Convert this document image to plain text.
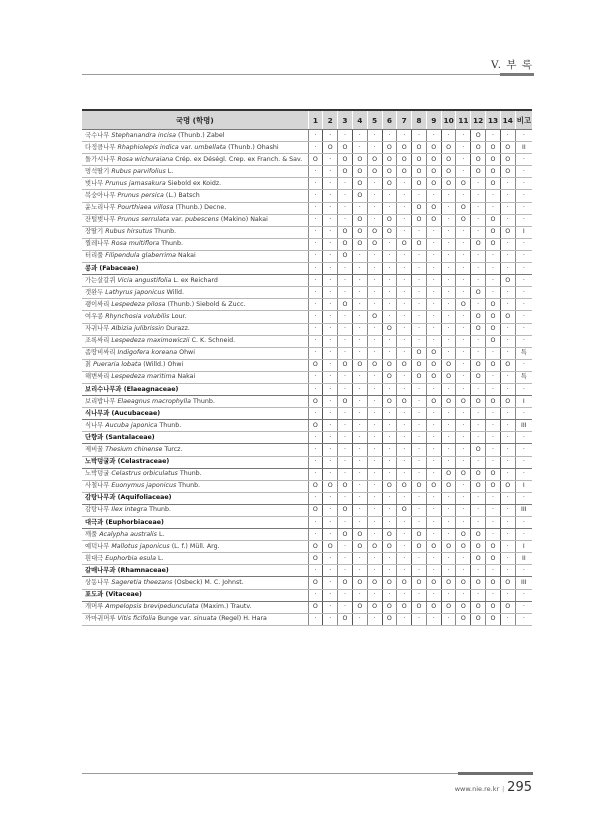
V. 부 록
국명 (학명)	1	2	3	4	5	6	7	8	9	10	11	12	13	14	비고
국수나무 Stephanandra incisa (Thunb.) Zabel	·	·	·	·	·	·	·	·	·	·	·	O	·	·	·
다정큼나무 Rhaphiolepis indica var. umbellata (Thunb.) Ohashi	·	O	O	·	·	O	O	O	O	O	·	O	O	O	II
돌가시나무 Rosa wichuraiana Crép. ex Déségl. Crep. ex Franch. & Sav.	O	·	O	O	O	O	O	O	O	O	·	O	O	O	·
멍석딸기 Rubus parvifolius L.	·	·	O	O	O	O	O	O	O	O	·	O	O	O	·
벚나무 Prunus jamasakura Siebold ex Koidz.	·	·	·	O	·	O	·	O	O	O	O	·	O	·	·
복숭아나무 Prunus persica (L.) Batsch	·	·	·	O	·	·	·	·	·	·	·	·	·	·	·
윤노리나무 Pourthiaea villosa (Thunb.) Decne.	·	·	·	·	·	·	·	O	O	·	O	·	·	·	·
잔털벚나무 Prunus serrulata var. pubescens (Makino) Nakai	·	·	·	O	·	O	·	O	O	·	O	·	O	·	·
장딸기 Rubus hirsutus Thunb.	·	·	O	O	O	O	·	·	·	·	·	·	O	O	I
찔레나무 Rosa multiflora Thunb.	·	·	O	O	O	·	O	O	·	·	·	O	O	·	·
터리풀 Filipendula glaberrima Nakai	·	·	O	·	·	·	·	·	·	·	·	·	·	·	·
콩과 (Fabaceae)	·	·	·	·	·	·	·	·	·	·	·	·	·	·	·
가는살갈퀴 Vicia angustifolia L. ex Reichard	·	·	·	·	·	·	·	·	·	·	·	·	·	O	·
갯완두 Lathyrus japonicus Willd.	·	·	·	·	·	·	·	·	·	·	·	O	·	·	·
괭이싸리 Lespedeza pilosa (Thunb.) Siebold & Zucc.	·	·	O	·	·	·	·	·	·	·	O	·	O	·	·
여우콩 Rhynchosia volubilis Lour.	·	·	·	·	O	·	·	·	·	·	·	O	O	O	·
자귀나무 Albizia julibrissin Durazz.	·	·	·	·	·	O	·	·	·	·	·	O	O	·	·
조록싸리 Lespedeza maximowiczii C. K. Schneid.	·	·	·	·	·	·	·	·	·	·	·	·	O	·	·
좀땅비싸리 Indigofera koreana Ohwi	·	·	·	·	·	·	·	O	O	·	·	·	·	·	특
칡 Pueraria lobata (Willd.) Ohwi	O	·	O	O	O	O	O	O	O	O	·	O	O	O	·
해변싸리 Lespedeza maritima Nakai	·	·	·	·	·	O	·	O	O	O	·	O	·	·	특
보리수나무과 (Elaeagnaceae)	·	·	·	·	·	·	·	·	·	·	·	·	·	·	·
보리밥나무 Elaeagnus macrophylla Thunb.	O	·	O	·	·	O	O	·	O	O	O	O	O	O	I
식나무과 (Aucubaceae)	·	·	·	·	·	·	·	·	·	·	·	·	·	·	·
식나무 Aucuba japonica Thunb.	O	·	·	·	·	·	·	·	·	·	·	·	·	·	III
단향과 (Santalaceae)	·	·	·	·	·	·	·	·	·	·	·	·	·	·	·
제비꿀 Thesium chinense Turcz.	·	·	·	·	·	·	·	·	·	·	·	O	·	·	·
노박덩굴과 (Celastraceae)	·	·	·	·	·	·	·	·	·	·	·	·	·	·	·
노박덩굴 Celastrus orbiculatus Thunb.	·	·	·	·	·	·	·	·	·	O	O	O	O	·	·
사철나무 Euonymus japonicus Thunb.	O	O	O	·	·	O	O	O	O	O	·	O	O	O	I
감탕나무과 (Aquifoliaceae)	·	·	·	·	·	·	·	·	·	·	·	·	·	·	·
감탕나무 Ilex integra Thunb.	O	·	O	·	·	·	O	·	·	·	·	·	·	·	III
대극과 (Euphorbiaceae)	·	·	·	·	·	·	·	·	·	·	·	·	·	·	·
깨풀 Acalypha australis L.	·	·	O	O	·	O	·	O	·	·	O	O	·	·	·
예덕나무 Mallotus japonicus (L. f.) Müll. Arg.	O	O	·	O	O	O	·	O	O	O	O	O	O	·	I
흰대극 Euphorbia esula L.	O	·	·	·	·	·	·	·	·	·	·	O	O	·	II
갈매나무과 (Rhamnaceae)	·	·	·	·	·	·	·	·	·	·	·	·	·	·	·
상동나무 Sageretia theezans (Osbeck) M. C. Johnst.	O	·	O	O	O	O	O	O	O	O	O	O	O	O	III
포도과 (Vitaceae)	·	·	·	·	·	·	·	·	·	·	·	·	·	·	·
개머루 Ampelopsis brevipedunculata (Maxim.) Trautv.	O	·	·	O	O	O	O	O	O	O	O	O	O	O	·
까마귀머루 Vitis ficifolia Bunge var. sinuata (Regel) H. Hara	·	·	O	·	·	O	·	·	·	·	O	O	O	·	·
www.nie.re.kr | 295
